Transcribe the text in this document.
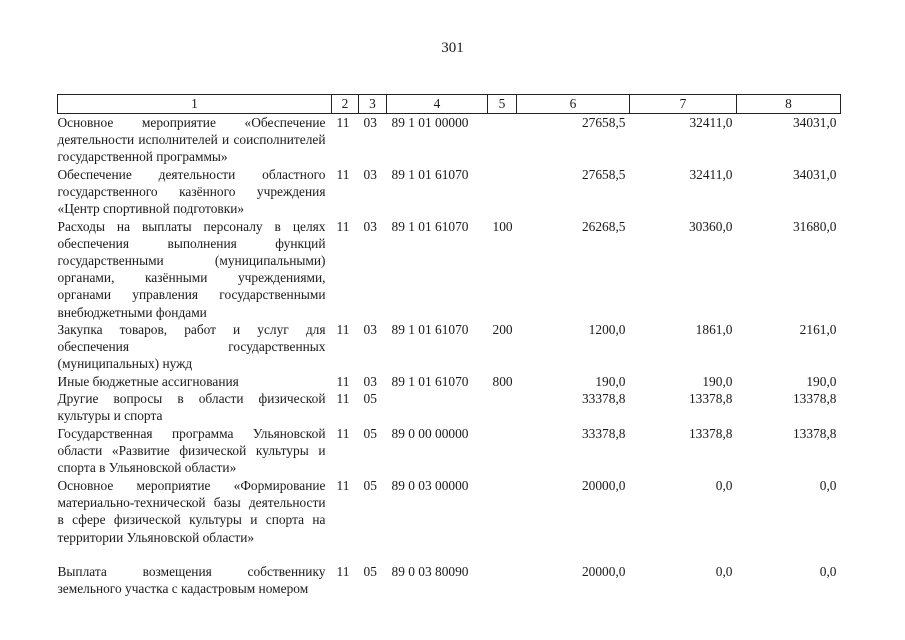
301
1	2	3	4	5	6	7	8
Основное мероприятие «Обеспечение деятельности исполнителей и соисполнителей государственной программы»	11	03	89 1 01 00000		27658,5	32411,0	34031,0
Обеспечение деятельности областного государственного казённого учреждения «Центр спортивной подготовки»	11	03	89 1 01 61070		27658,5	32411,0	34031,0
Расходы на выплаты персоналу в целях обеспечения выполнения функций государственными (муниципальными) органами, казёнными учреждениями, органами управления государственными внебюджетными фондами	11	03	89 1 01 61070	100	26268,5	30360,0	31680,0
Закупка товаров, работ и услуг для обеспечения государственных (муниципальных) нужд	11	03	89 1 01 61070	200	1200,0	1861,0	2161,0
Иные бюджетные ассигнования	11	03	89 1 01 61070	800	190,0	190,0	190,0
Другие вопросы в области физической культуры и спорта	11	05			33378,8	13378,8	13378,8
Государственная программа Ульяновской области «Развитие физической культуры и спорта в Ульяновской области»	11	05	89 0 00 00000		33378,8	13378,8	13378,8
Основное мероприятие «Формирование материально-технической базы деятельности в сфере физической культуры и спорта на территории Ульяновской области»	11	05	89 0 03 00000		20000,0	0,0	0,0
Выплата возмещения собственнику земельного участка с кадастровым номером	11	05	89 0 03 80090		20000,0	0,0	0,0
